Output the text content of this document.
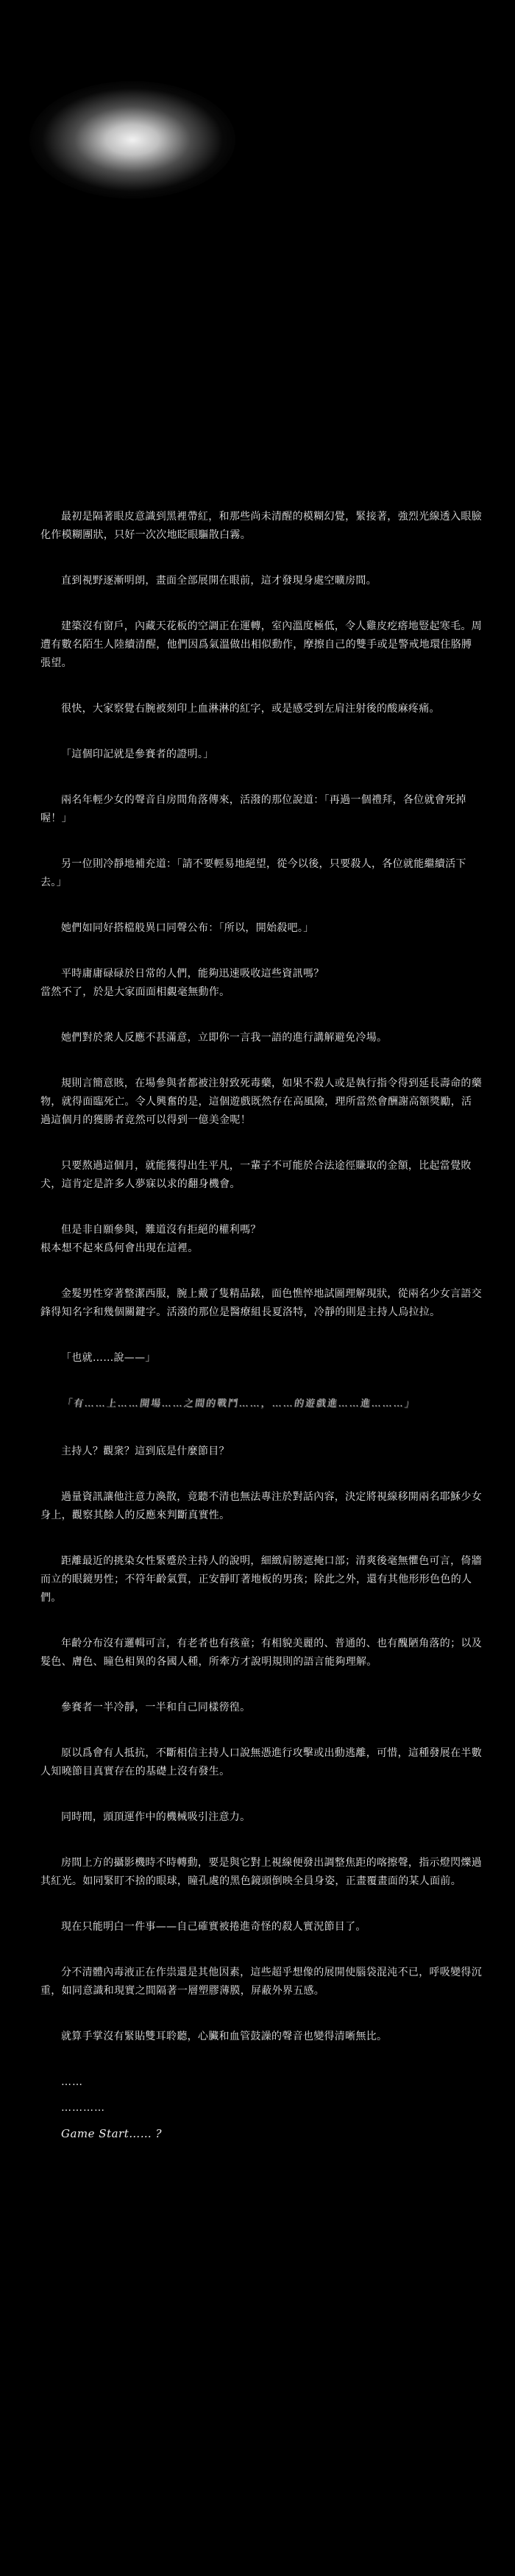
最初是隔著眼皮意識到黑裡帶紅，和那些尚未清醒的模糊幻覺，緊接著，強烈光線透入眼臉化作模糊團狀，只好一次次地眨眼驅散白霧。

直到視野逐漸明朗，畫面全部展開在眼前，這才發現身處空曠房間。

建築沒有窗戶，內藏天花板的空調正在運轉，室內溫度極低，令人雞皮疙瘩地豎起寒毛。周遭有數名陌生人陸續清醒，他們因爲氣溫做出相似動作，摩擦自己的雙手或是警戒地環住胳膊張望。

很快，大家察覺右腕被刻印上血淋淋的紅字，或是感受到左肩注射後的酸麻疼痛。

「這個印記就是參賽者的證明。」

兩名年輕少女的聲音自房間角落傳來，活潑的那位說道：「再過一個禮拜，各位就會死掉喔！」

另一位則冷靜地補充道：「請不要輕易地絕望，從今以後，只要殺人，各位就能繼續活下去。」

她們如同好搭檔般異口同聲公布：「所以，開始殺吧。」

平時庸庸碌碌於日常的人們，能夠迅速吸收這些資訊嗎？
當然不了，於是大家面面相覷毫無動作。

她們對於衆人反應不甚滿意，立即你一言我一語的進行講解避免冷場。

規則言簡意賅，在場參與者都被注射致死毒藥，如果不殺人或是執行指令得到延長壽命的藥物，就得面臨死亡。令人興奮的是，這個遊戲既然存在高風險，理所當然會酬謝高額獎勵，活過這個月的獲勝者竟然可以得到一億美金呢！

只要熬過這個月，就能獲得出生平凡，一輩子不可能於合法途徑賺取的金額，比起當覺敗犬，這肯定是許多人夢寐以求的翻身機會。

但是非自願參與，難道沒有拒絕的權利嗎？
根本想不起來爲何會出現在這裡。

金髮男性穿著整潔西服，腕上戴了隻精品錶，面色憔悴地試圖理解現狀，從兩名少女言語交鋒得知名字和幾個關鍵字。活潑的那位是醫療組長夏洛特，冷靜的則是主持人烏拉拉。

「也就……說——」

「有……上……開場……之間的戰鬥……，……的遊戲進……進………」

主持人？觀衆？這到底是什麼節目？

過量資訊讓他注意力渙散，竟聽不清也無法專注於對話內容，決定將視線移開兩名耶穌少女身上，觀察其餘人的反應來判斷真實性。

距離最近的挑染女性緊蹙於主持人的說明，細緻肩膀遮掩口部；清爽後毫無懼色可言，倚牆而立的眼鏡男性；不符年齡氣質，正安靜盯著地板的男孩；除此之外，還有其他形形色色的人們。

年齡分布沒有邏輯可言，有老者也有孩童；有相貌美麗的、普通的、也有醜陋角落的；以及髮色、膚色、瞳色相異的各國人種，所牽方才說明規則的語言能夠理解。

參賽者一半冷靜，一半和自己同樣徬徨。

原以爲會有人抵抗，不斷相信主持人口說無憑進行攻擊或出動逃離，可惜，這種發展在半數人知曉節目真實存在的基礎上沒有發生。

同時間，頭頂運作中的機械吸引注意力。

房間上方的攝影機時不時轉動，要是與它對上視線便發出調整焦距的喀擦聲，指示燈閃爍過其紅光。如同緊盯不捨的眼球，瞳孔處的黑色鏡頭倒映全員身姿，正畫覆畫面的某人面前。

現在只能明白一件事——自己確實被捲進奇怪的殺人實況節目了。

分不清體內毒液正在作祟還是其他因素，這些超乎想像的展開使腦袋混沌不已，呼吸變得沉重，如同意識和現實之間隔著一層塑膠薄膜，屏蔽外界五感。

就算手掌沒有緊貼雙耳聆聽，心臟和血管鼓譟的聲音也變得清晰無比。

……
…………
Game Start…… ?
